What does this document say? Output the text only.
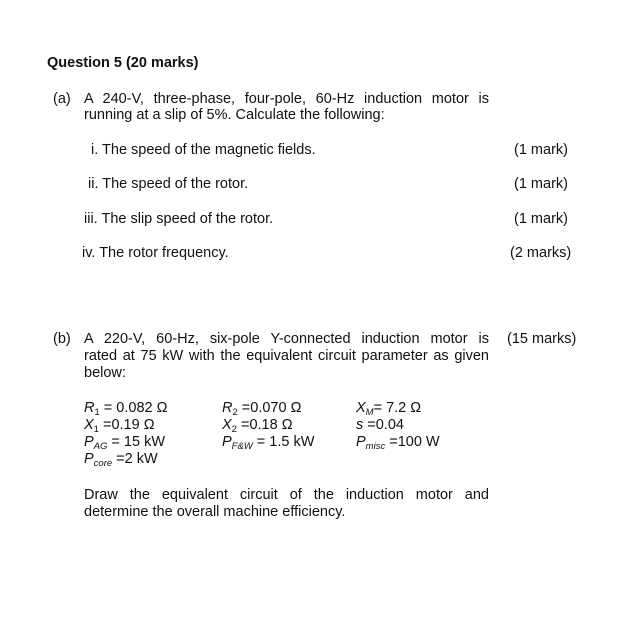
Question 5 (20 marks)
(a) A 240-V, three-phase, four-pole, 60-Hz induction motor is
running at a slip of 5%. Calculate the following:
i. The speed of the magnetic fields.	(1 mark)
ii. The speed of the rotor.	(1 mark)
iii. The slip speed of the rotor.	(1 mark)
iv. The rotor frequency.	(2 marks)
(b) A 220-V, 60-Hz, six-pole Y-connected induction motor is (15 marks)
rated at 75 kW with the equivalent circuit parameter as given
below:
$R_1 = 0.082$ Ω	$R_2 =0.070$ Ω	$X_M= 7.2$ Ω
$X_1 =0.19$ Ω	$X_2 =0.18$ Ω	s =0.04
$P_{AG} = 15$ kW	$P_{F\&W} = 1.5$ kW	$P_{misc} =100$ W
$P_{core} =2$ kW
Draw the equivalent circuit of the induction motor and
determine the overall machine efficiency.
